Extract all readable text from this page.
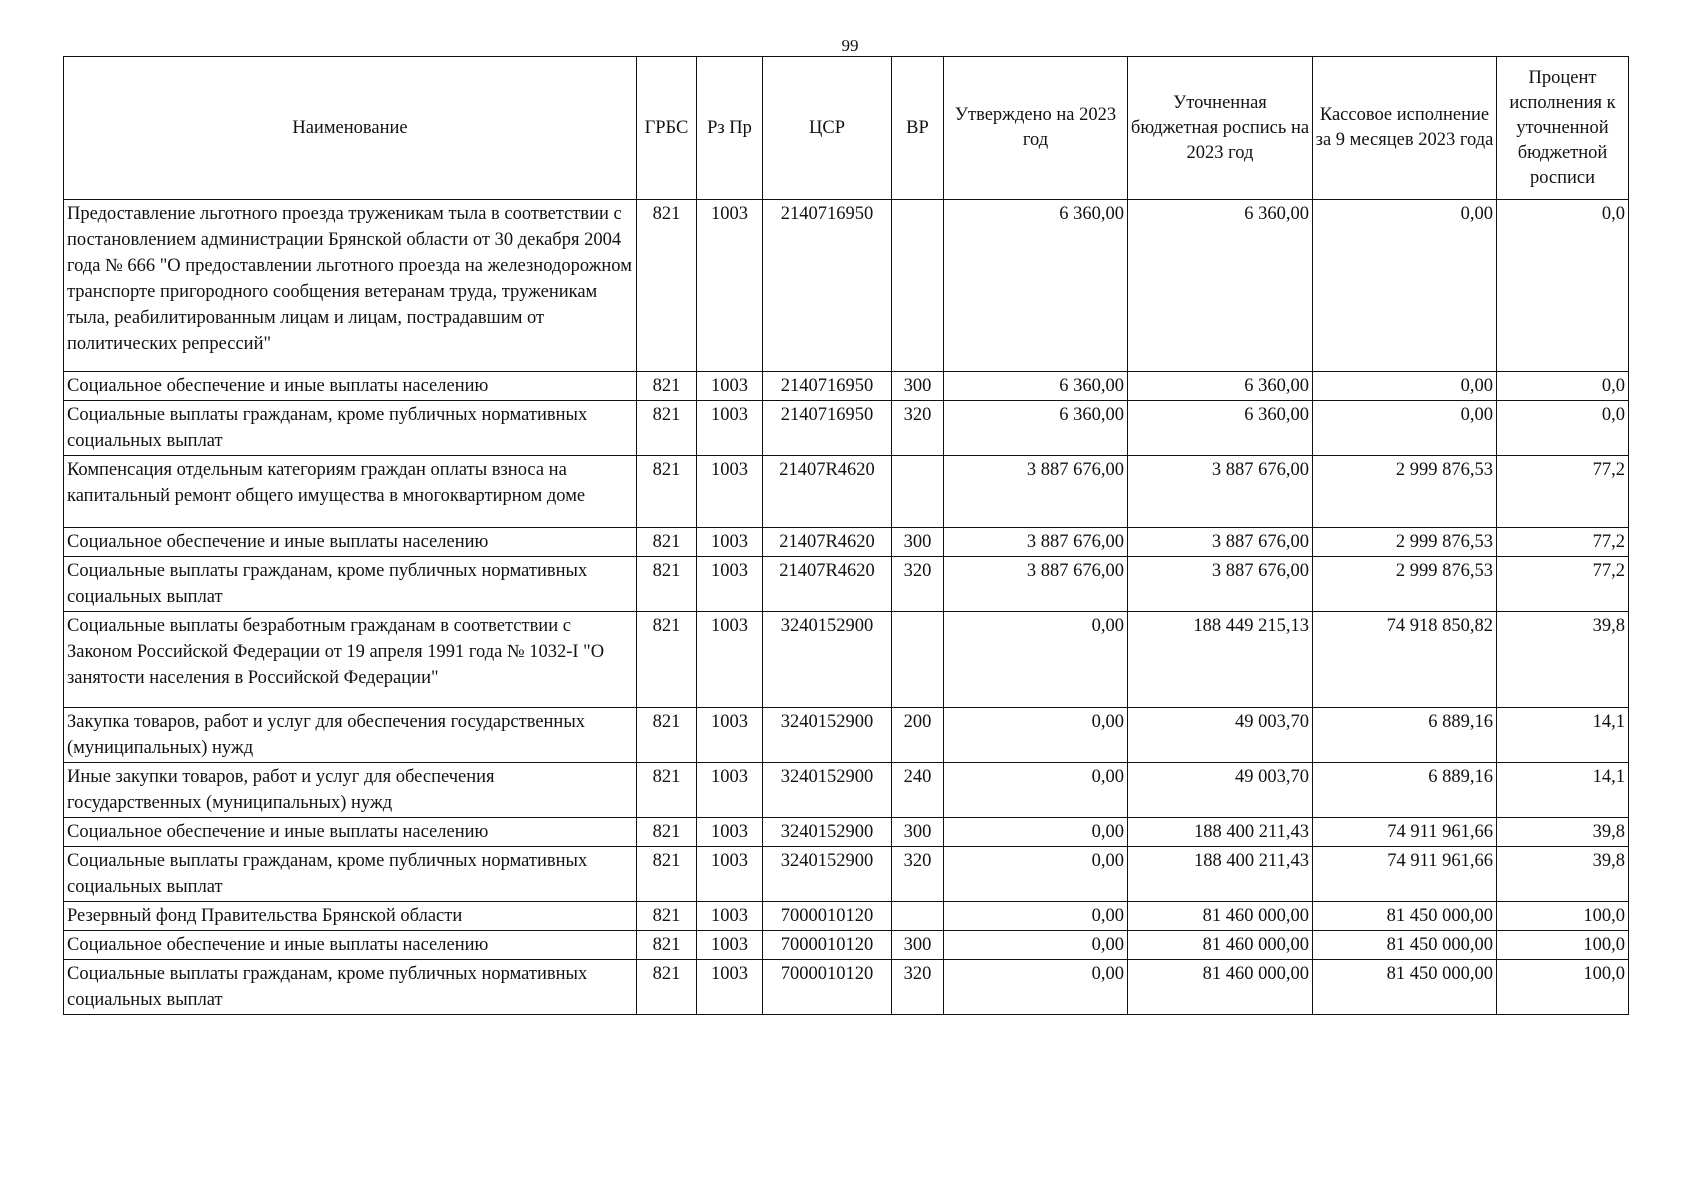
99
Наименование	ГРБС	Рз Пр	ЦСР	ВР	Утверждено на 2023 год	Уточненная бюджетная роспись на 2023 год	Кассовое исполнение за 9 месяцев 2023 года	Процент исполнения к уточненной бюджетной росписи
Предоставление льготного проезда труженикам тыла в соответствии с постановлением администрации Брянской области от 30 декабря 2004 года № 666 "О предоставлении льготного проезда на железнодорожном транспорте пригородного сообщения ветеранам труда, труженикам тыла, реабилитированным лицам и лицам, пострадавшим от политических репрессий"	821	1003	2140716950		6 360,00	6 360,00	0,00	0,0
Социальное обеспечение и иные выплаты населению	821	1003	2140716950	300	6 360,00	6 360,00	0,00	0,0
Социальные выплаты гражданам, кроме публичных нормативных социальных выплат	821	1003	2140716950	320	6 360,00	6 360,00	0,00	0,0
Компенсация отдельным категориям граждан оплаты взноса на капитальный ремонт общего имущества в многоквартирном доме	821	1003	21407R4620		3 887 676,00	3 887 676,00	2 999 876,53	77,2
Социальное обеспечение и иные выплаты населению	821	1003	21407R4620	300	3 887 676,00	3 887 676,00	2 999 876,53	77,2
Социальные выплаты гражданам, кроме публичных нормативных социальных выплат	821	1003	21407R4620	320	3 887 676,00	3 887 676,00	2 999 876,53	77,2
Социальные выплаты безработным гражданам в соответствии с Законом Российской Федерации от 19 апреля 1991 года № 1032-I "О занятости населения в Российской Федерации"	821	1003	3240152900		0,00	188 449 215,13	74 918 850,82	39,8
Закупка товаров, работ и услуг для обеспечения государственных (муниципальных) нужд	821	1003	3240152900	200	0,00	49 003,70	6 889,16	14,1
Иные закупки товаров, работ и услуг для обеспечения государственных (муниципальных) нужд	821	1003	3240152900	240	0,00	49 003,70	6 889,16	14,1
Социальное обеспечение и иные выплаты населению	821	1003	3240152900	300	0,00	188 400 211,43	74 911 961,66	39,8
Социальные выплаты гражданам, кроме публичных нормативных социальных выплат	821	1003	3240152900	320	0,00	188 400 211,43	74 911 961,66	39,8
Резервный фонд Правительства Брянской области	821	1003	7000010120		0,00	81 460 000,00	81 450 000,00	100,0
Социальное обеспечение и иные выплаты населению	821	1003	7000010120	300	0,00	81 460 000,00	81 450 000,00	100,0
Социальные выплаты гражданам, кроме публичных нормативных социальных выплат	821	1003	7000010120	320	0,00	81 460 000,00	81 450 000,00	100,0
